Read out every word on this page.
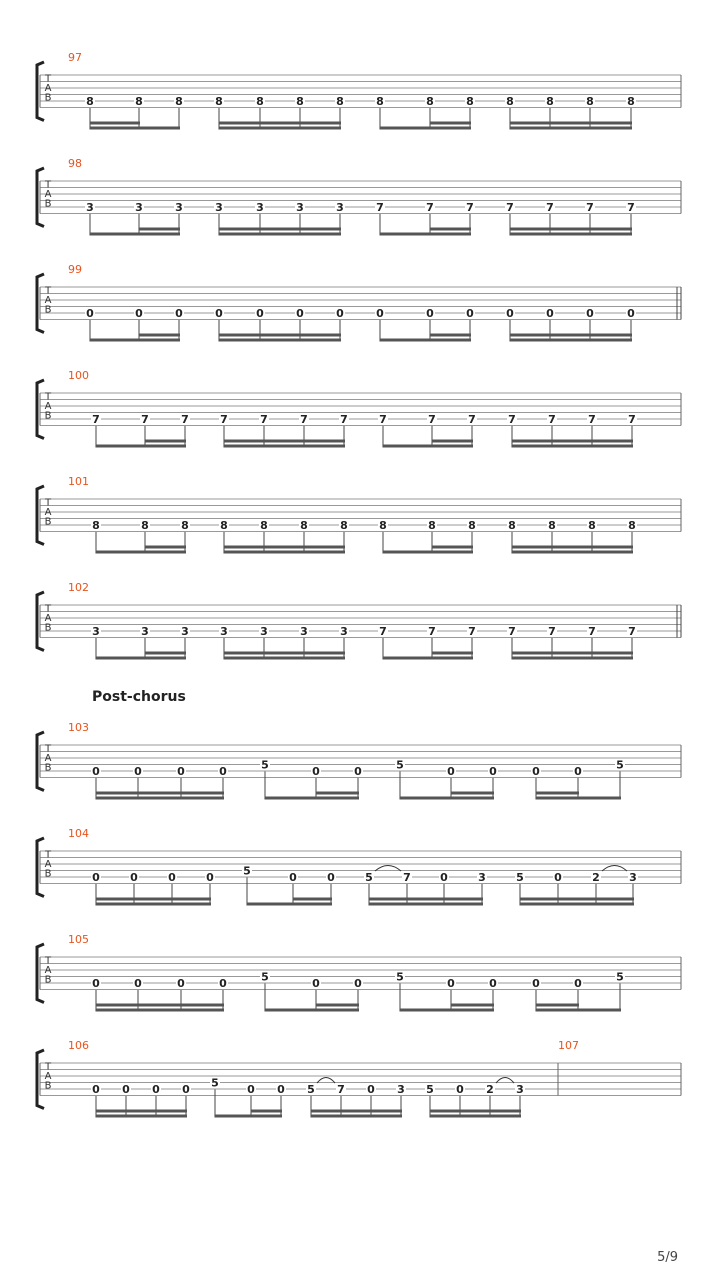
T
A
B
97
8	8	8	8	8	8	8	8	8	8	8	8	8	8
T
A
B
98
3	3	3	3	3	3	3	7	7	7	7	7	7	7
T
A
B
99
0	0	0	0	0	0	0	0	0	0	0	0	0	0
T
A
B
100
7	7	7	7	7	7	7	7	7	7	7	7	7	7
T
A
B
101
8	8	8	8	8	8	8	8	8	8	8	8	8	8
T
A
B
102
3	3	3	3	3	3	3	7	7	7	7	7	7	7
T
A
B
103
0	0	0	0	5	0	0	5	0	0	0	0	5
T
A
B
104
0	0	0	0	5	0	0	5	7	0	3	5	0	2	3
T
A
B
105
0	0	0	0	5	0	0	5	0	0	0	0	5
T
A
B
106
0 0 0 0 5	0 0 5 7 0 3 5 0 2 3
107
Post-chorus
5/9
